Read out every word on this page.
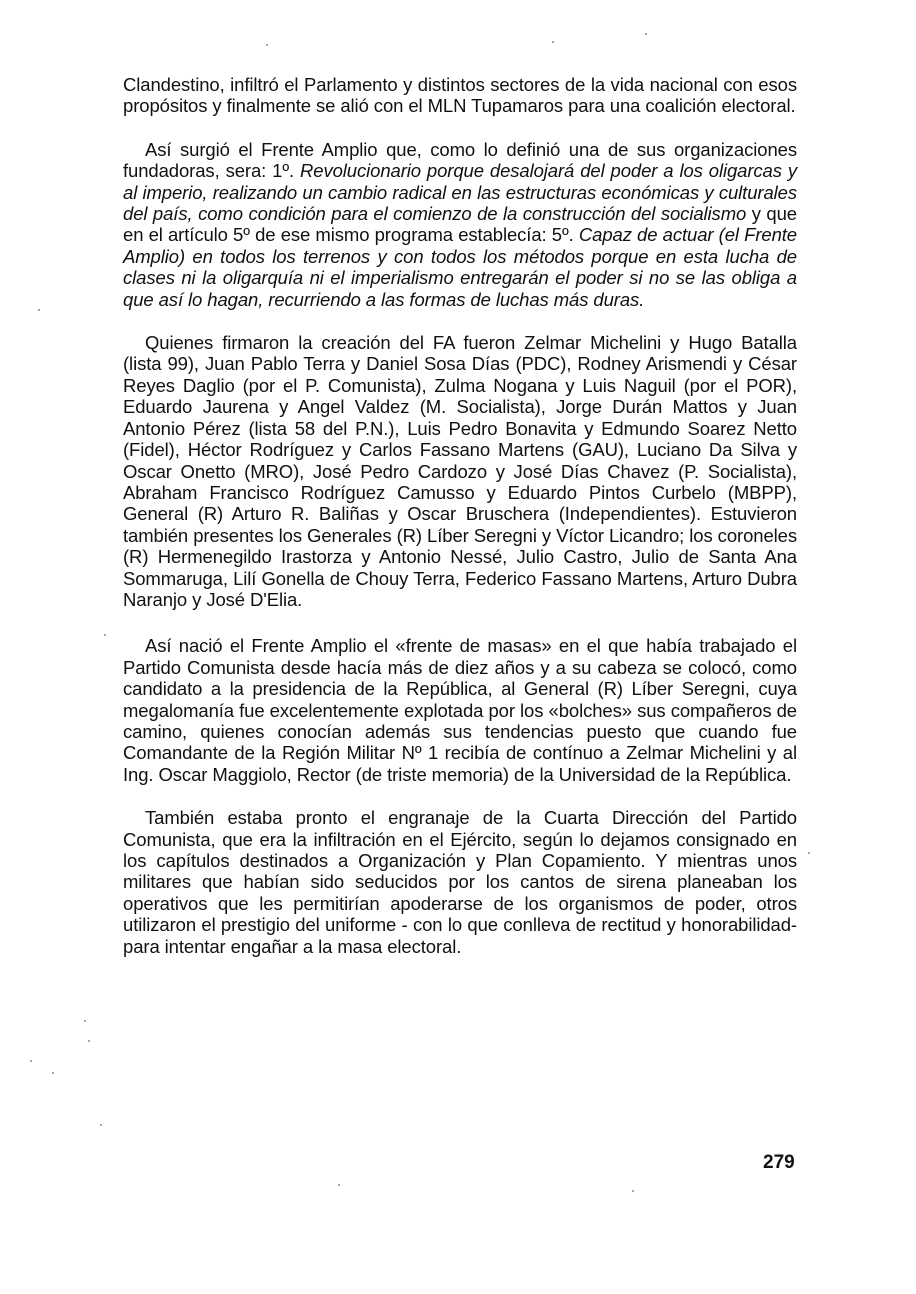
Clandestino, infiltró el Parlamento y distintos sectores de la vida nacional con esos propósitos y finalmente se alió con el MLN Tupamaros para una coalición electoral.

Así surgió el Frente Amplio que, como lo definió una de sus organizaciones fundadoras, sera: 1º. Revolucionario porque desalojará del poder a los oligarcas y al imperio, realizando un cambio radical en las estructuras económicas y culturales del país, como condición para el comienzo de la construcción del socialismo y que en el artículo 5º de ese mismo programa establecía: 5º. Capaz de actuar (el Frente Amplio) en todos los terrenos y con todos los métodos porque en esta lucha de clases ni la oligarquía ni el imperialismo entregarán el poder si no se las obliga a que así lo hagan, recurriendo a las formas de luchas más duras.

Quienes firmaron la creación del FA fueron Zelmar Michelini y Hugo Batalla (lista 99), Juan Pablo Terra y Daniel Sosa Días (PDC), Rodney Arismendi y César Reyes Daglio (por el P. Comunista), Zulma Nogana y Luis Naguil (por el POR), Eduardo Jaurena y Angel Valdez (M. Socialista), Jorge Durán Mattos y Juan Antonio Pérez (lista 58 del P.N.), Luis Pedro Bonavita y Edmundo Soarez Netto (Fidel), Héctor Rodríguez y Carlos Fassano Martens (GAU), Luciano Da Silva y Oscar Onetto (MRO), José Pedro Cardozo y José Días Chavez (P. Socialista), Abraham Francisco Rodríguez Camusso y Eduardo Pintos Curbelo (MBPP), General (R) Arturo R. Baliñas y Oscar Bruschera (Independientes). Estuvieron también presentes los Generales (R) Líber Seregni y Víctor Licandro; los coroneles (R) Hermenegildo Irastorza y Antonio Nessé, Julio Castro, Julio de Santa Ana Sommaruga, Lilí Gonella de Chouy Terra, Federico Fassano Martens, Arturo Dubra Naranjo y José D'Elia.

Así nació el Frente Amplio el «frente de masas» en el que había trabajado el Partido Comunista desde hacía más de diez años y a su cabeza se colocó, como candidato a la presidencia de la República, al General (R) Líber Seregni, cuya megalomanía fue excelentemente explotada por los «bolches» sus compañeros de camino, quienes conocían además sus tendencias puesto que cuando fue Comandante de la Región Militar Nº 1 recibía de contínuo a Zelmar Michelini y al Ing. Oscar Maggiolo, Rector (de triste memoria) de la Universidad de la República.

También estaba pronto el engranaje de la Cuarta Dirección del Partido Comunista, que era la infiltración en el Ejército, según lo dejamos consignado en los capítulos destinados a Organización y Plan Copamiento. Y mientras unos militares que habían sido seducidos por los cantos de sirena planeaban los operativos que les permitirían apoderarse de los organismos de poder, otros utilizaron el prestigio del uniforme - con lo que conlleva de rectitud y honorabilidad- para intentar engañar a la masa electoral.

279
